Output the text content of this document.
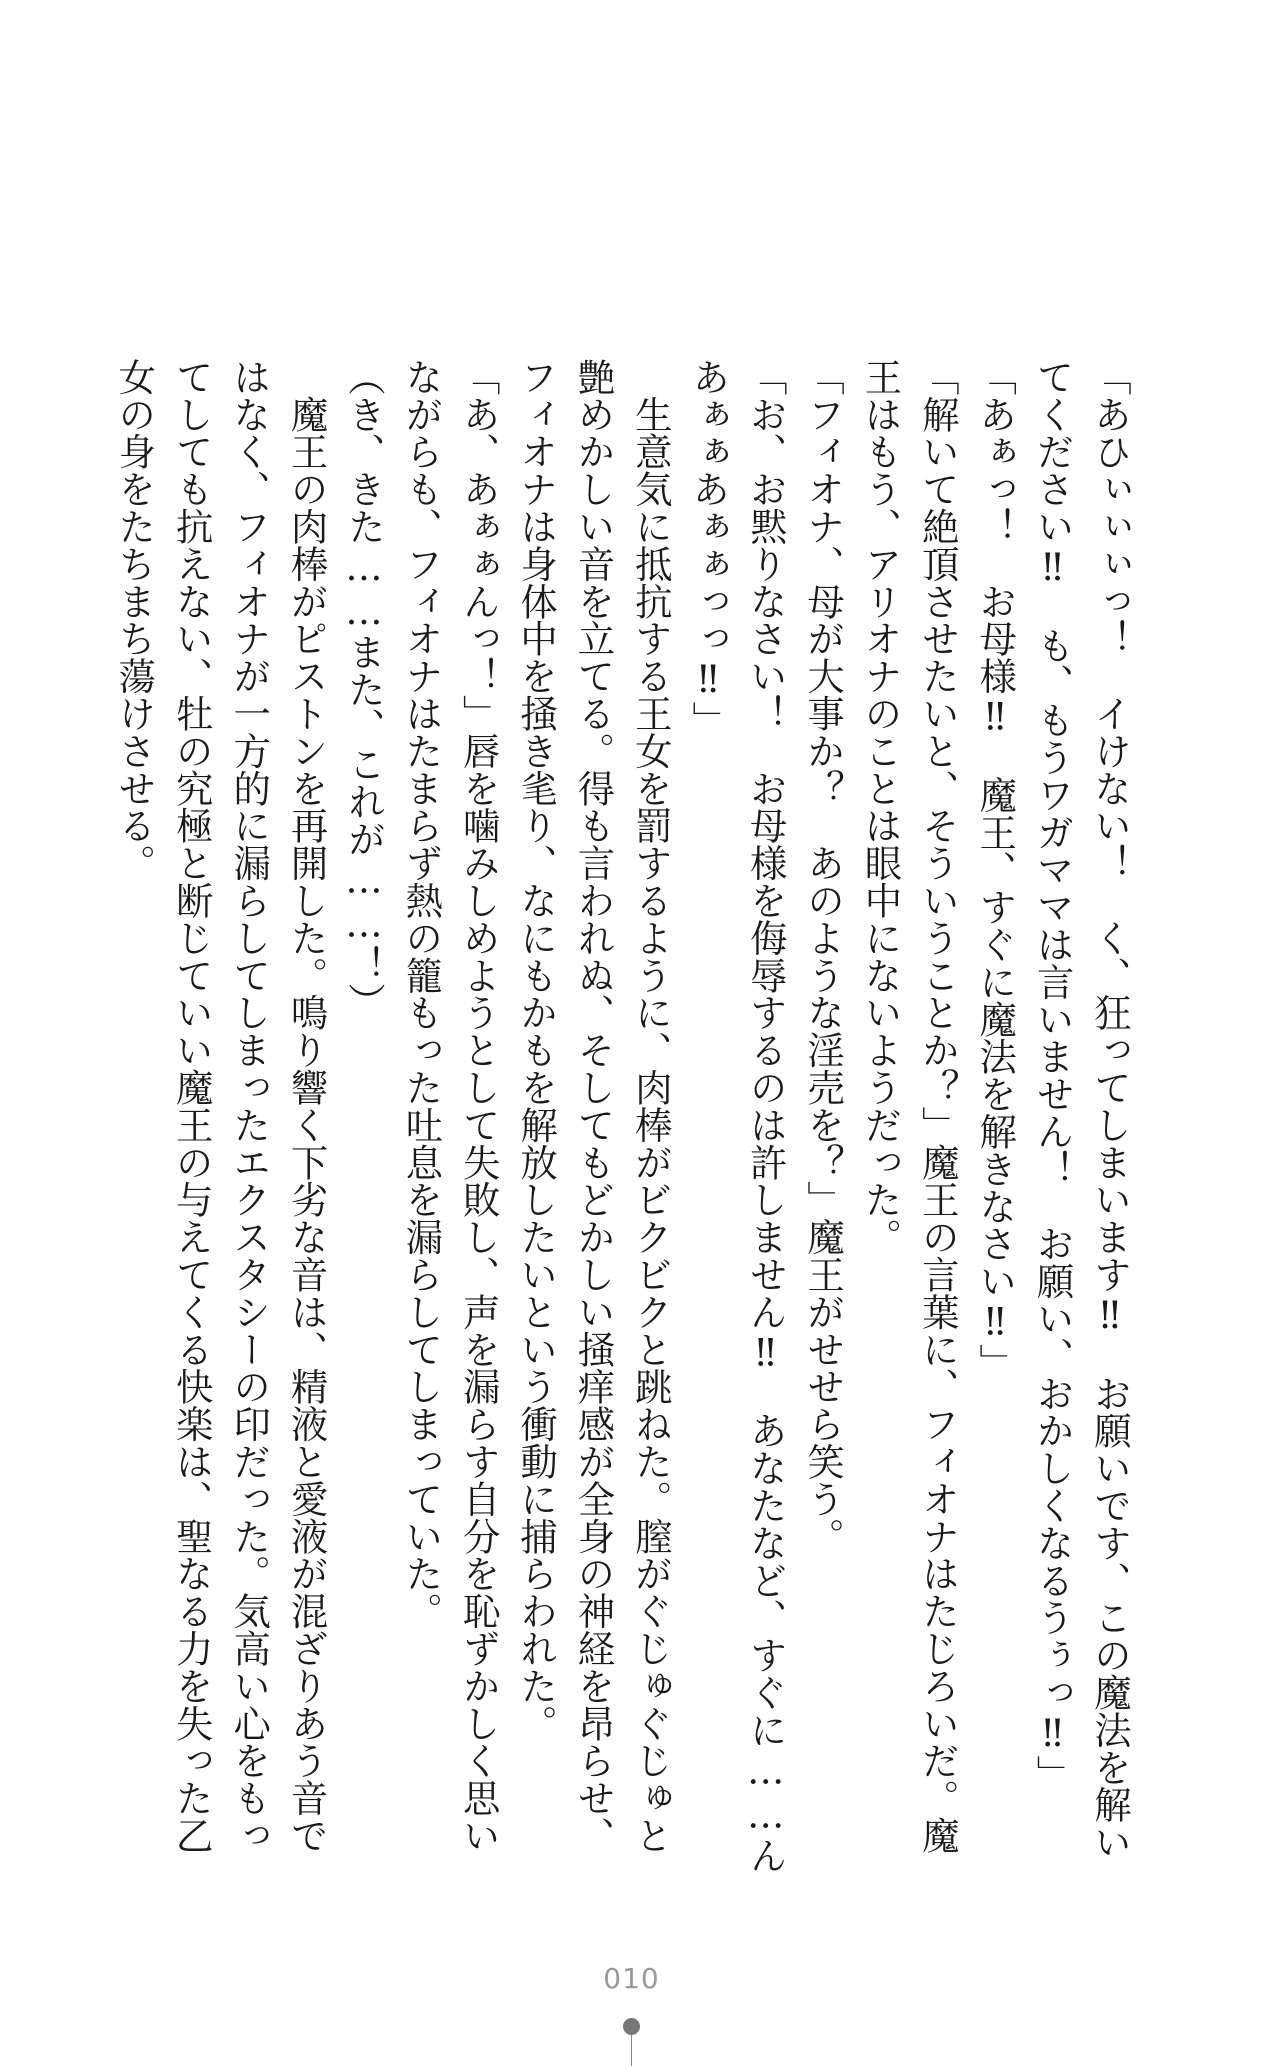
「あひぃぃぃっ！　イけない！　く、狂ってしまいます‼　お願いです、この魔法を解い
てください‼　も、もうワガママは言いません！　お願い、おかしくなるうぅっ‼」
「あぁっ！　お母様‼　魔王、すぐに魔法を解きなさい‼」
「解いて絶頂させたいと、そういうことか？」魔王の言葉に、フィオナはたじろいだ。魔
王はもう、アリオナのことは眼中にないようだった。
「フィオナ、母が大事か？　あのような淫売を？」魔王がせせら笑う。
「お、お黙りなさい！　お母様を侮辱するのは許しません‼　あなたなど、すぐに……ん
あぁぁあぁぁっっ‼」
　生意気に抵抗する王女を罰するように、肉棒がビクビクと跳ねた。膣がぐじゅぐじゅと
艶めかしい音を立てる。得も言われぬ、そしてもどかしい掻痒感が全身の神経を昂らせ、
フィオナは身体中を掻き毟り、なにもかもを解放したいという衝動に捕らわれた。
「あ、あぁぁんっ！」唇を噛みしめようとして失敗し、声を漏らす自分を恥ずかしく思い
ながらも、フィオナはたまらず熱の籠もった吐息を漏らしてしまっていた。
（き、きた……また、これが……！）
　魔王の肉棒がピストンを再開した。鳴り響く下劣な音は、精液と愛液が混ざりあう音で
はなく、フィオナが一方的に漏らしてしまったエクスタシーの印だった。気高い心をもっ
てしても抗えない、牡の究極と断じていい魔王の与えてくる快楽は、聖なる力を失った乙
女の身をたちまち蕩けさせる。
010
